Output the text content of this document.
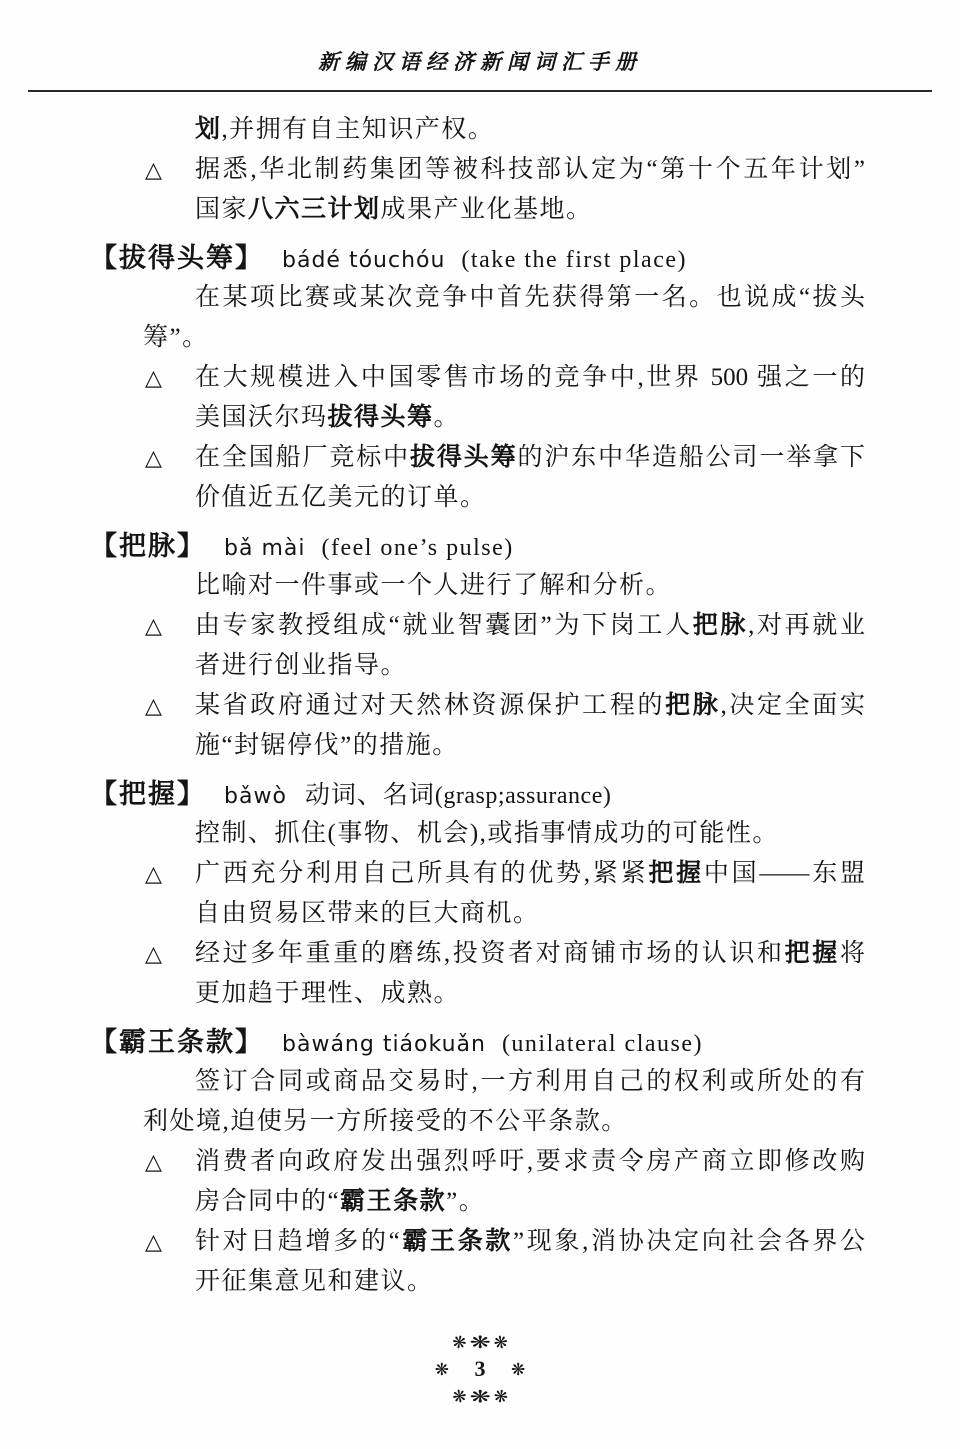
新编汉语经济新闻词汇手册
划,并拥有自主知识产权。
△	据悉,华北制药集团等被科技部认定为“第十个五年计划”
国家八六三计划成果产业化基地。
【拔得头筹】 bádé tóuchóu (take the first place)
在某项比赛或某次竞争中首先获得第一名。也说成“拔头
筹”。
△	在大规模进入中国零售市场的竞争中,世界 500 强之一的
美国沃尔玛拔得头筹。
△	在全国船厂竞标中拔得头筹的沪东中华造船公司一举拿下
价值近五亿美元的订单。
【把脉】 bǎ mài (feel one’s pulse)
比喻对一件事或一个人进行了解和分析。
△	由专家教授组成“就业智囊团”为下岗工人把脉,对再就业
者进行创业指导。
△	某省政府通过对天然林资源保护工程的把脉,决定全面实
施“封锯停伐”的措施。
【把握】 bǎwò 动词、名词(grasp;assurance)
控制、抓住(事物、机会),或指事情成功的可能性。
△	广西充分利用自己所具有的优势,紧紧把握中国——东盟
自由贸易区带来的巨大商机。
△	经过多年重重的磨练,投资者对商铺市场的认识和把握将
更加趋于理性、成熟。
【霸王条款】 bàwáng tiáokuǎn (unilateral clause)
签订合同或商品交易时,一方利用自己的权利或所处的有
利处境,迫使另一方所接受的不公平条款。
△	消费者向政府发出强烈呼吁,要求责令房产商立即修改购
房合同中的“霸王条款”。
△	针对日趋增多的“霸王条款”现象,消协决定向社会各界公
开征集意见和建议。
❋
❋
❋
❋ 3 ❋
❋
❋
❋
